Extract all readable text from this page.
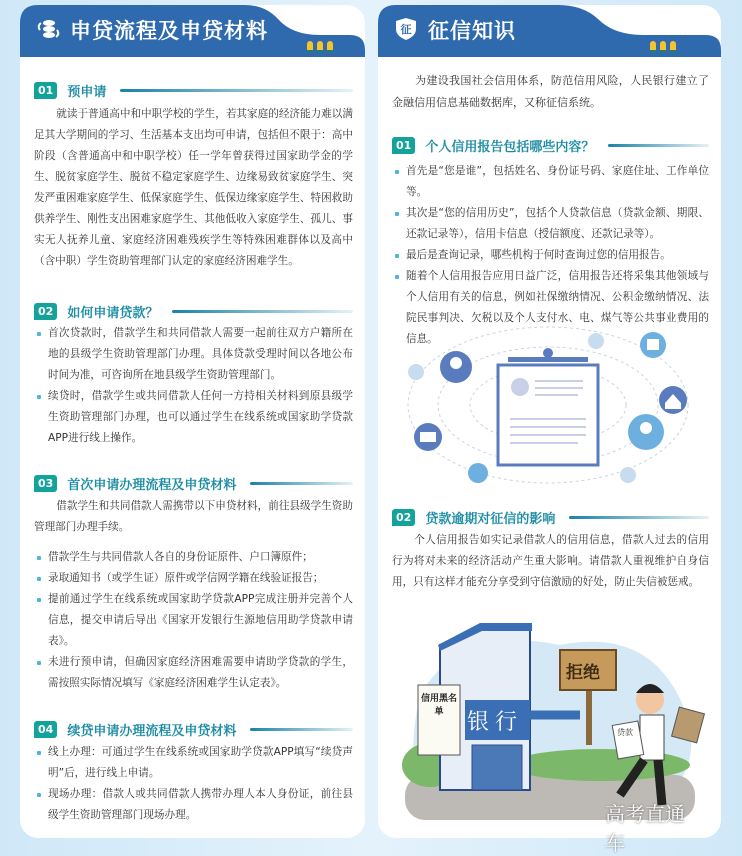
申贷流程及申贷材料
01	预申请

就读于普通高中和中职学校的学生，若其家庭的经济能力难以满足其大学期间的学习、生活基本支出均可申请，包括但不限于：高中阶段（含普通高中和中职学校）任一学年曾获得过国家助学金的学生、脱贫家庭学生、脱贫不稳定家庭学生、边缘易致贫家庭学生、突发严重困难家庭学生、低保家庭学生、低保边缘家庭学生、特困救助供养学生、刚性支出困难家庭学生、其他低收入家庭学生、孤儿、事实无人抚养儿童、家庭经济困难残疾学生等特殊困难群体以及高中（含中职）学生资助管理部门认定的家庭经济困难学生。

02	如何申请贷款？

首次贷款时，借款学生和共同借款人需要一起前往双方户籍所在地的县级学生资助管理部门办理。具体贷款受理时间以各地公布时间为准，可咨询所在地县级学生资助管理部门。

续贷时，借款学生或共同借款人任何一方持相关材料到原县级学生资助管理部门办理，也可以通过学生在线系统或国家助学贷款APP进行线上操作。

03	首次申请办理流程及申贷材料

借款学生和共同借款人需携带以下申贷材料，前往县级学生资助管理部门办理手续。

借款学生与共同借款人各自的身份证原件、户口簿原件；

录取通知书（或学生证）原件或学信网学籍在线验证报告；

提前通过学生在线系统或国家助学贷款APP完成注册并完善个人信息，提交申请后导出《国家开发银行生源地信用助学贷款申请表》。

未进行预申请，但确因家庭经济困难需要申请助学贷款的学生，需按照实际情况填写《家庭经济困难学生认定表》。

04	续贷申请办理流程及申贷材料

线上办理：可通过学生在线系统或国家助学贷款APP填写“续贷声明”后，进行线上申请。

现场办理：借款人或共同借款人携带办理人本人身份证，前往县级学生资助管理部门现场办理。

征 征信知识

为建设我国社会信用体系，防范信用风险，人民银行建立了金融信用信息基础数据库，又称征信系统。

01	个人信用报告包括哪些内容？

首先是“您是谁”，包括姓名、身份证号码、家庭住址、工作单位等。

其次是“您的信用历史”，包括个人贷款信息（贷款金额、期限、还款记录等），信用卡信息（授信额度、还款记录等）。

最后是查询记录，哪些机构于何时查询过您的信用报告。

随着个人信用报告应用日益广泛，信用报告还将采集其他领域与个人信用有关的信息，例如社保缴纳情况、公积金缴纳情况、法院民事判决、欠税以及个人支付水、电、煤气等公共事业费用的信息。

02	贷款逾期对征信的影响

个人信用报告如实记录借款人的信用信息，借款人过去的信用行为将对未来的经济活动产生重大影响。请借款人重视维护自身信用，只有这样才能充分享受到守信激励的好处，防止失信被惩戒。

银行
拒绝
信用黑名单
贷款
高考直通车
